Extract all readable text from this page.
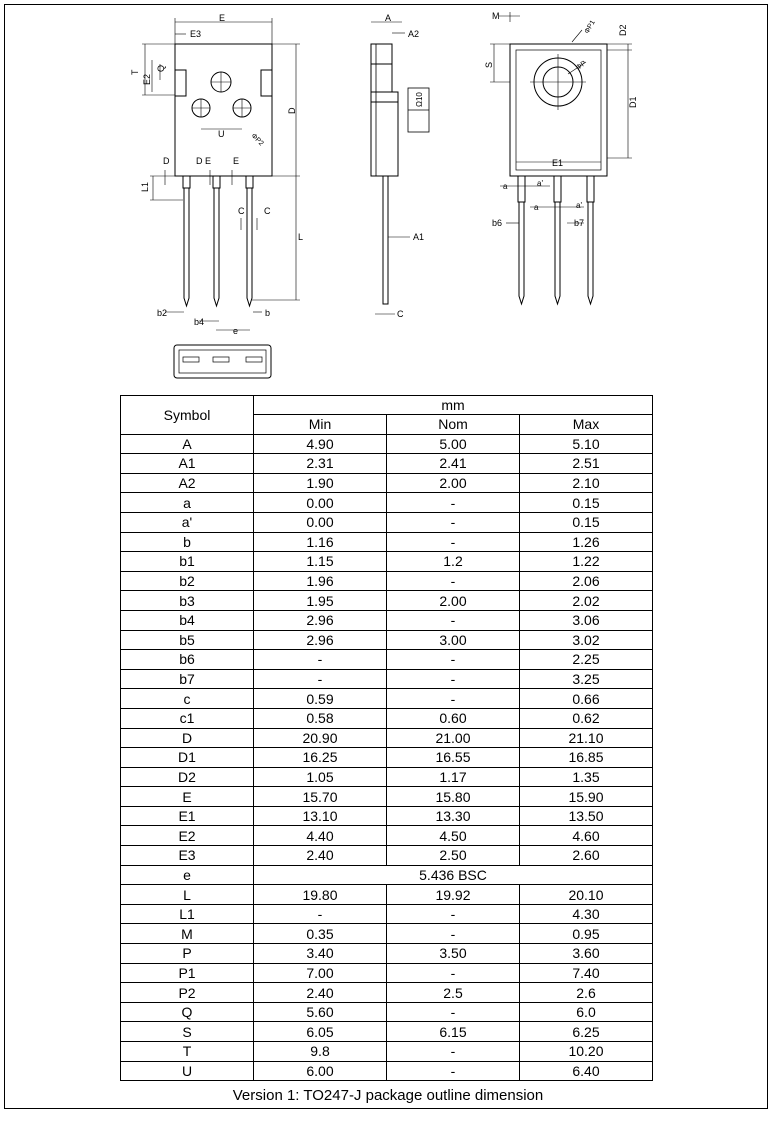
E
E3
T
E2
Q
D
ΦP2
U
D	D E E
L1
L
C C
b2
b4
e
b
A
A2
Ω10
A1
C
M
ΦP1 D2
S	ΦP
D1
E1
a	a'
a	a'
b6	b7
Symbol	mm		
	Min	Nom	Max
A	4.90	5.00	5.10
A1	2.31	2.41	2.51
A2	1.90	2.00	2.10
a	0.00	-	0.15
a'	0.00	-	0.15
b	1.16	-	1.26
b1	1.15	1.2	1.22
b2	1.96	-	2.06
b3	1.95	2.00	2.02
b4	2.96	-	3.06
b5	2.96	3.00	3.02
b6	-	-	2.25
b7	-	-	3.25
c	0.59	-	0.66
c1	0.58	0.60	0.62
D	20.90	21.00	21.10
D1	16.25	16.55	16.85
D2	1.05	1.17	1.35
E	15.70	15.80	15.90
E1	13.10	13.30	13.50
E2	4.40	4.50	4.60
E3	2.40	2.50	2.60
e	5.436 BSC		
L	19.80	19.92	20.10
L1	-	-	4.30
M	0.35	-	0.95
P	3.40	3.50	3.60
P1	7.00	-	7.40
P2	2.40	2.5	2.6
Q	5.60	-	6.0
S	6.05	6.15	6.25
T	9.8	-	10.20
U	6.00	-	6.40
Version 1: TO247-J package outline dimension
